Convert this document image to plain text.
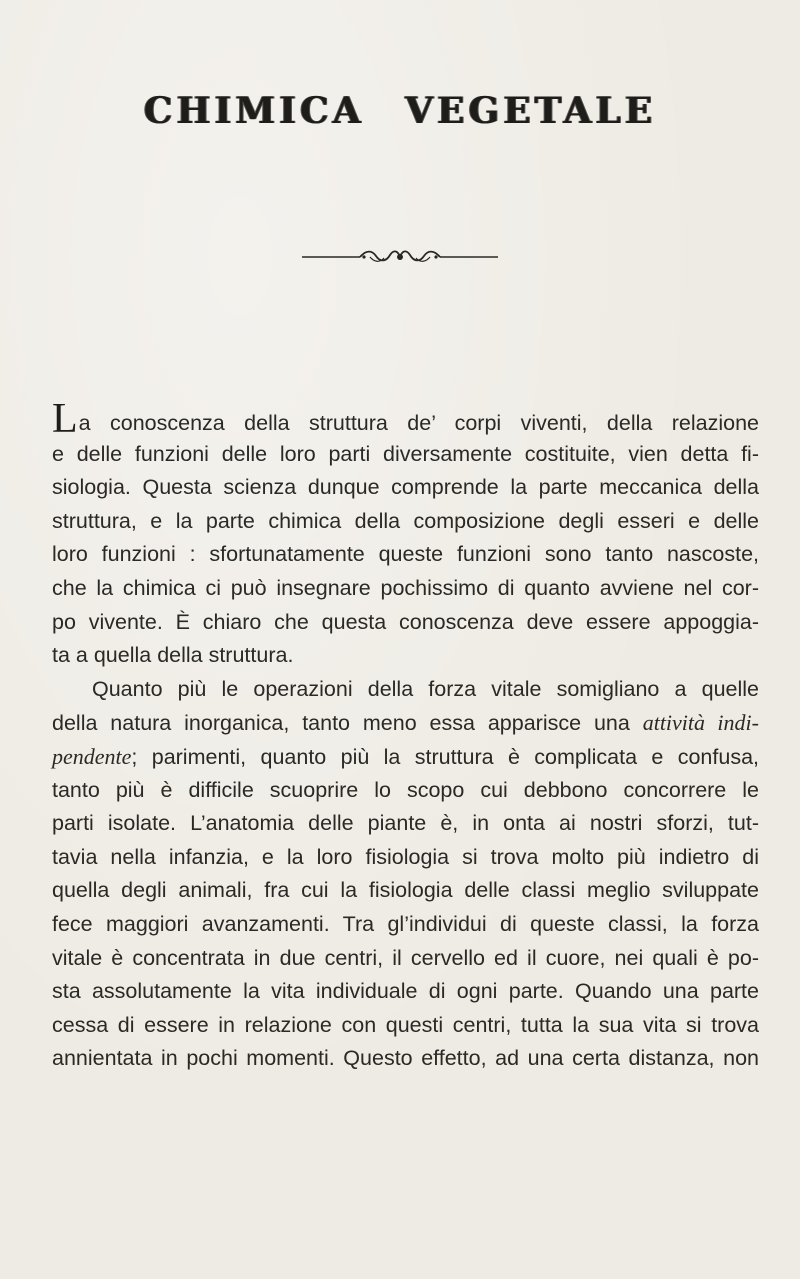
CHIMICA VEGETALE
La conoscenza della struttura de’ corpi viventi, della relazione
e delle funzioni delle loro parti diversamente costituite, vien detta fi-
siologia. Questa scienza dunque comprende la parte meccanica della
struttura, e la parte chimica della composizione degli esseri e delle
loro funzioni : sfortunatamente queste funzioni sono tanto nascoste,
che la chimica ci può insegnare pochissimo di quanto avviene nel cor-
po vivente. È chiaro che questa conoscenza deve essere appoggia-
ta a quella della struttura.
Quanto più le operazioni della forza vitale somigliano a quelle
della natura inorganica, tanto meno essa apparisce una attività indi-
pendente; parimenti, quanto più la struttura è complicata e confusa,
tanto più è difficile scuoprire lo scopo cui debbono concorrere le
parti isolate. L’anatomia delle piante è, in onta ai nostri sforzi, tut-
tavia nella infanzia, e la loro fisiologia si trova molto più indietro di
quella degli animali, fra cui la fisiologia delle classi meglio sviluppate
fece maggiori avanzamenti. Tra gl’individui di queste classi, la forza
vitale è concentrata in due centri, il cervello ed il cuore, nei quali è po-
sta assolutamente la vita individuale di ogni parte. Quando una parte
cessa di essere in relazione con questi centri, tutta la sua vita si trova
annientata in pochi momenti. Questo effetto, ad una certa distanza, non
